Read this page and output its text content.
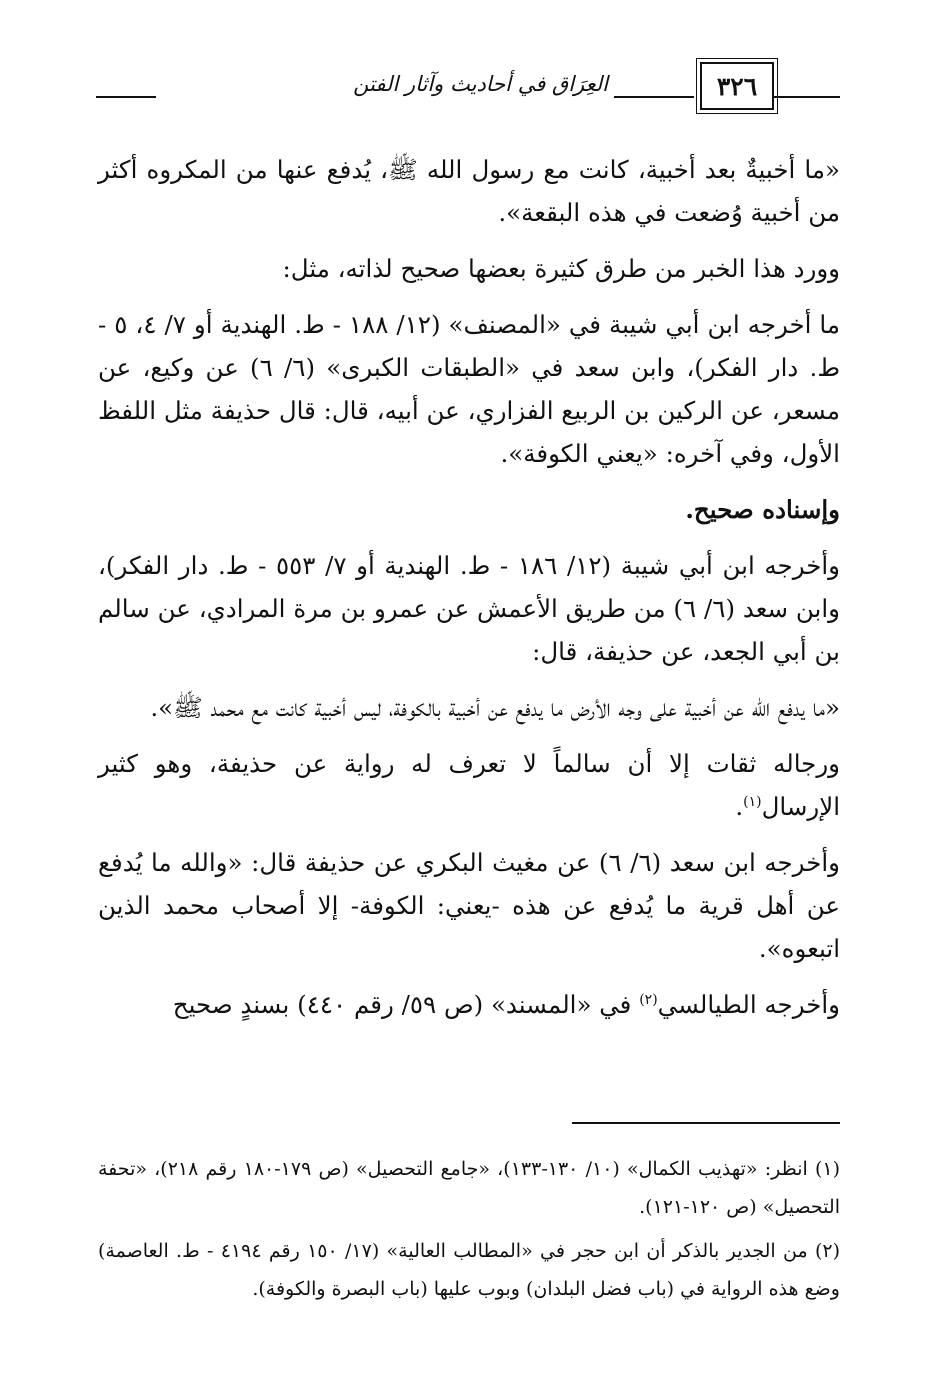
٣٢٦
العِرَاق في أحاديث وآثار الفتن

«ما أخبيةٌ بعد أخبية، كانت مع رسول الله ﷺ، يُدفع عنها من المكروه أكثر من أخبية وُضعت في هذه البقعة».

وورد هذا الخبر من طرق كثيرة بعضها صحيح لذاته، مثل:

ما أخرجه ابن أبي شيبة في «المصنف» (١٢/ ١٨٨ - ط. الهندية أو ٧/ ٤، ٥ - ط. دار الفكر)، وابن سعد في «الطبقات الكبرى» (٦/ ٦) عن وكيع، عن مسعر، عن الركين بن الربيع الفزاري، عن أبيه، قال: قال حذيفة مثل اللفظ الأول، وفي آخره: «يعني الكوفة».

وإسناده صحيح.

وأخرجه ابن أبي شيبة (١٢/ ١٨٦ - ط. الهندية أو ٧/ ٥٥٣ - ط. دار الفكر)، وابن سعد (٦/ ٦) من طريق الأعمش عن عمرو بن مرة المرادي، عن سالم بن أبي الجعد، عن حذيفة، قال:

«ما يدفع الله عن أخبية على وجه الأرض ما يدفع عن أخبية بالكوفة، ليس أخبية كانت مع محمد ﷺ».

ورجاله ثقات إلا أن سالماً لا تعرف له رواية عن حذيفة، وهو كثير الإرسال$^{(١)}$.

وأخرجه ابن سعد (٦/ ٦) عن مغيث البكري عن حذيفة قال: «والله ما يُدفع عن أهل قرية ما يُدفع عن هذه -يعني: الكوفة- إلا أصحاب محمد الذين اتبعوه».

وأخرجه الطيالسي$^{(٢)}$ في «المسند» (ص ٥٩/ رقم ٤٤٠) بسندٍ صحيح

(١) انظر: «تهذيب الكمال» (١٠/ ١٣٠-١٣٣)، «جامع التحصيل» (ص ١٧٩-١٨٠ رقم ٢١٨)، «تحفة التحصيل» (ص ١٢٠-١٢١).

(٢) من الجدير بالذكر أن ابن حجر في «المطالب العالية» (١٧/ ١٥٠ رقم ٤١٩٤ - ط. العاصمة) وضع هذه الرواية في (باب فضل البلدان) وبوب عليها (باب البصرة والكوفة).
